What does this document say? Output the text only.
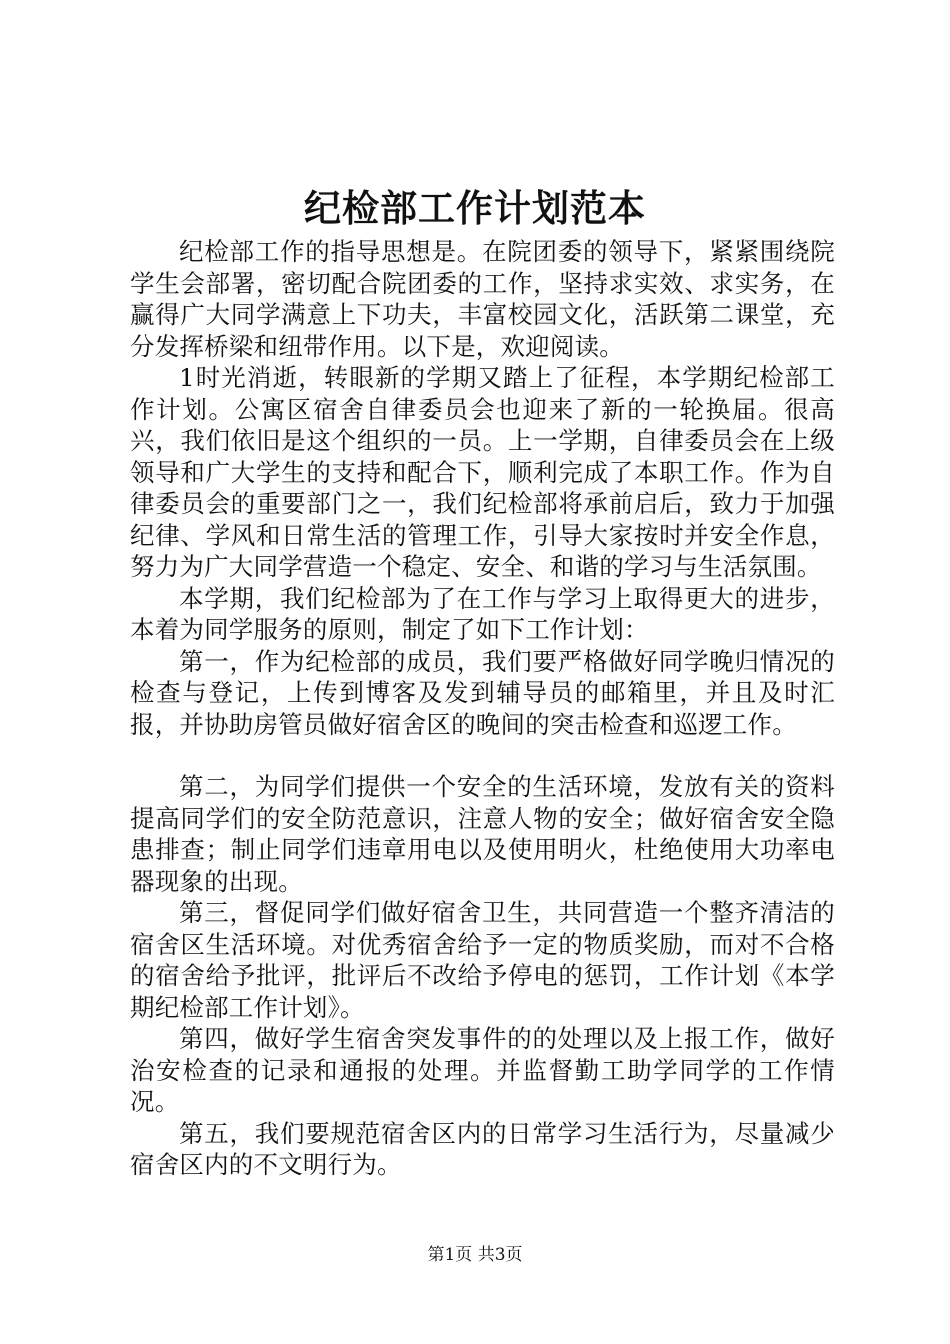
纪检部工作计划范本

纪检部工作的指导思想是。在院团委的领导下，紧紧围绕院学生会部署，密切配合院团委的工作，坚持求实效、求实务，在赢得广大同学满意上下功夫，丰富校园文化，活跃第二课堂，充分发挥桥梁和纽带作用。以下是，欢迎阅读。

1时光消逝，转眼新的学期又踏上了征程，本学期纪检部工作计划。公寓区宿舍自律委员会也迎来了新的一轮换届。很高兴，我们依旧是这个组织的一员。上一学期，自律委员会在上级领导和广大学生的支持和配合下，顺利完成了本职工作。作为自律委员会的重要部门之一，我们纪检部将承前启后，致力于加强纪律、学风和日常生活的管理工作，引导大家按时并安全作息，努力为广大同学营造一个稳定、安全、和谐的学习与生活氛围。

本学期，我们纪检部为了在工作与学习上取得更大的进步，本着为同学服务的原则，制定了如下工作计划：

第一，作为纪检部的成员，我们要严格做好同学晚归情况的检查与登记，上传到博客及发到辅导员的邮箱里，并且及时汇报，并协助房管员做好宿舍区的晚间的突击检查和巡逻工作。

第二，为同学们提供一个安全的生活环境，发放有关的资料提高同学们的安全防范意识，注意人物的安全；做好宿舍安全隐患排查；制止同学们违章用电以及使用明火，杜绝使用大功率电器现象的出现。

第三，督促同学们做好宿舍卫生，共同营造一个整齐清洁的宿舍区生活环境。对优秀宿舍给予一定的物质奖励，而对不合格的宿舍给予批评，批评后不改给予停电的惩罚，工作计划《本学期纪检部工作计划》。

第四，做好学生宿舍突发事件的的处理以及上报工作，做好治安检查的记录和通报的处理。并监督勤工助学同学的工作情况。

第五，我们要规范宿舍区内的日常学习生活行为，尽量减少宿舍区内的不文明行为。

第1页 共3页
